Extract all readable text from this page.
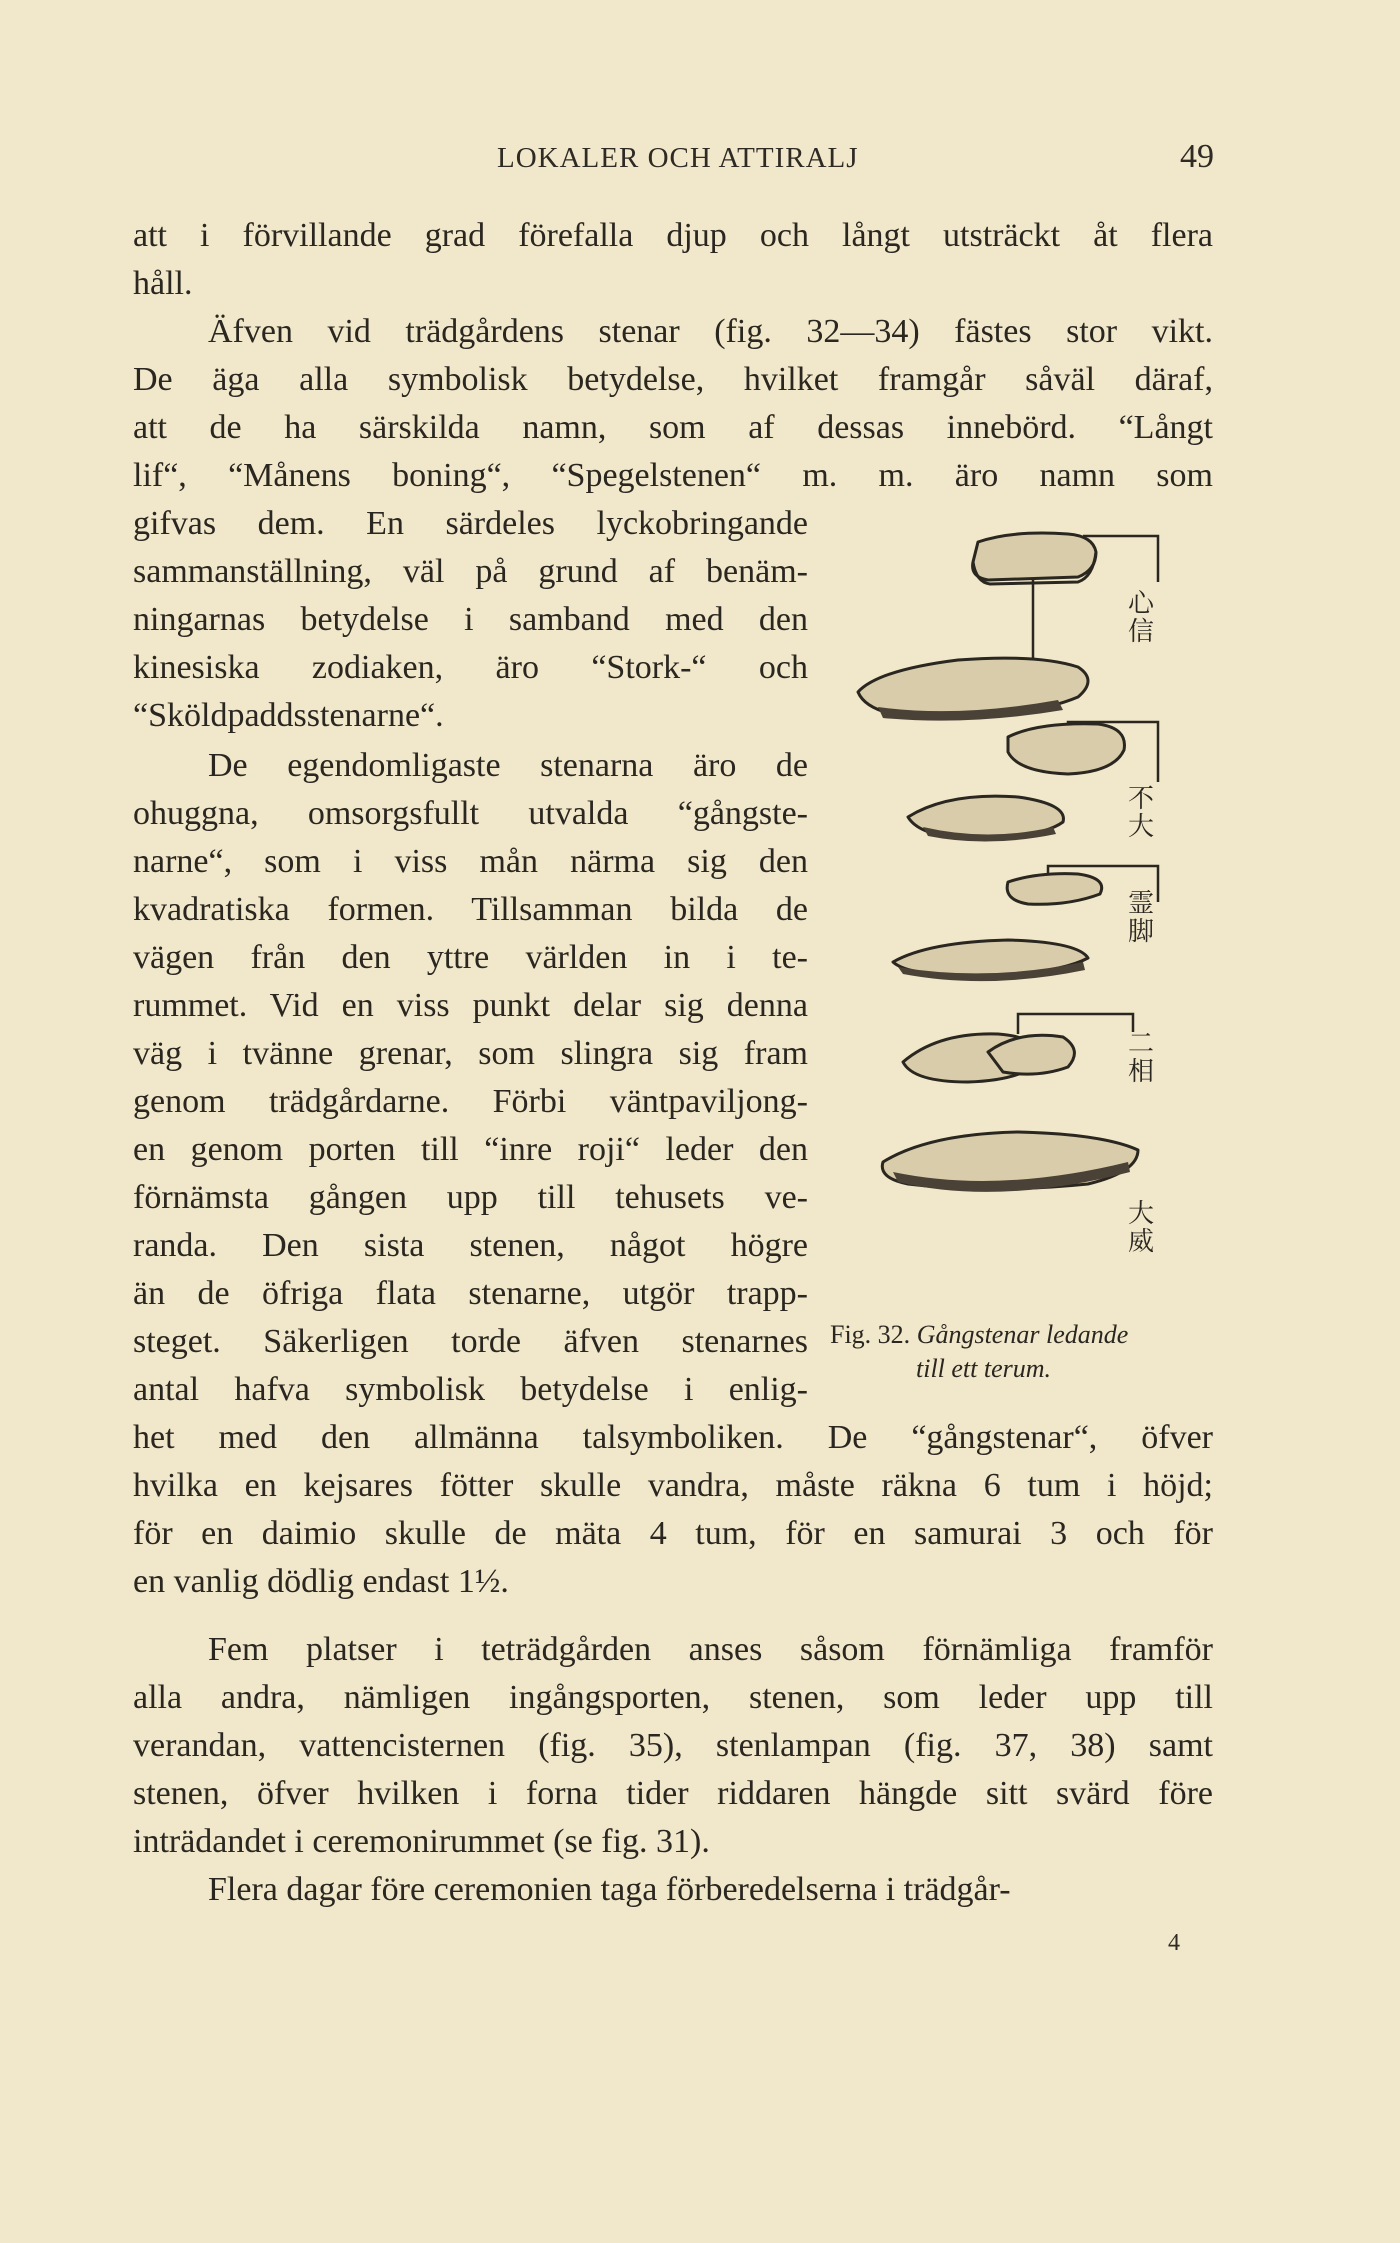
LOKALER OCH ATTIRALJ	49
att i förvillande grad förefalla djup och långt utsträckt åt flera
håll.
Äfven vid trädgårdens stenar (fig. 32—34) fästes stor vikt.
De äga alla symbolisk betydelse, hvilket framgår såväl däraf,
att de ha särskilda namn, som af dessas innebörd. “Långt
lif“, “Månens boning“, “Spegelstenen“ m. m. äro namn som
gifvas dem. En särdeles lyckobringande
sammanställning, väl på grund af benäm-
ningarnas betydelse i samband med den
kinesiska zodiaken, äro “Stork-“ och
“Sköldpaddsstenarne“.
De egendomligaste stenarna äro de
ohuggna, omsorgsfullt utvalda “gångste-
narne“, som i viss mån närma sig den
kvadratiska formen. Tillsamman bilda de
vägen från den yttre världen in i te-
rummet. Vid en viss punkt delar sig denna
väg i tvänne grenar, som slingra sig fram
genom trädgårdarne. Förbi väntpaviljong-
en genom porten till “inre roji“ leder den
förnämsta gången upp till tehusets ve-
randa. Den sista stenen, något högre
än de öfriga flata stenarne, utgör trapp-
steget. Säkerligen torde äfven stenarnes
antal hafva symbolisk betydelse i enlig-
het med den allmänna talsymboliken. De “gångstenar“, öfver
hvilka en kejsares fötter skulle vandra, måste räkna 6 tum i höjd;
för en daimio skulle de mäta 4 tum, för en samurai 3 och för
en vanlig dödlig endast 1½.
Fem platser i teträdgården anses såsom förnämliga framför
alla andra, nämligen ingångsporten, stenen, som leder upp till
verandan, vattencisternen (fig. 35), stenlampan (fig. 37, 38) samt
stenen, öfver hvilken i forna tider riddaren hängde sitt svärd före
inträdandet i ceremonirummet (se fig. 31).
Flera dagar före ceremonien taga förberedelserna i trädgår-
心信
不大
霊脚
二相
大威
Fig. 32. Gångstenar ledande
till ett terum.
4
